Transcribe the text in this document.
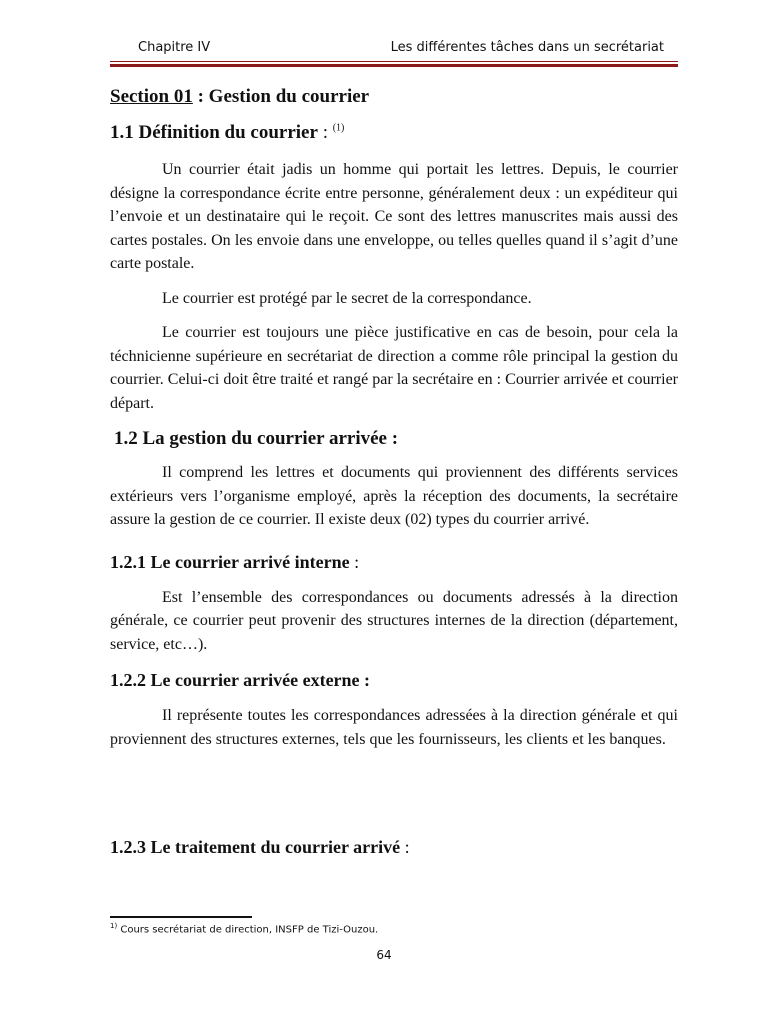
Chapitre IV	Les différentes tâches dans un secrétariat
Section 01 : Gestion du courrier
1.1 Définition du courrier : $^{(1)}$

Un courrier était jadis un homme qui portait les lettres. Depuis, le courrier désigne la correspondance écrite entre personne, généralement deux : un expéditeur qui l’envoie et un destinataire qui le reçoit. Ce sont des lettres manuscrites mais aussi des cartes postales. On les envoie dans une enveloppe, ou telles quelles quand il s’agit d’une carte postale.

Le courrier est protégé par le secret de la correspondance.

Le courrier est toujours une pièce justificative en cas de besoin, pour cela la téchnicienne supérieure en secrétariat de direction a comme rôle principal la gestion du courrier. Celui-ci doit être traité et rangé par la secrétaire en : Courrier arrivée et courrier départ.

1.2 La gestion du courrier arrivée :

Il comprend les lettres et documents qui proviennent des différents services extérieurs vers l’organisme employé, après la réception des documents, la secrétaire assure la gestion de ce courrier. Il existe deux (02) types du courrier arrivé.

1.2.1 Le courrier arrivé interne :

Est l’ensemble des correspondances ou documents adressés à la direction générale, ce courrier peut provenir des structures internes de la direction (département, service, etc…).

1.2.2 Le courrier arrivée externe :

Il représente toutes les correspondances adressées à la direction générale et qui proviennent des structures externes, tels que les fournisseurs, les clients et les banques.

1.2.3 Le traitement du courrier arrivé :
$^{1)}$ Cours secrétariat de direction, INSFP de Tizi-Ouzou.
64
